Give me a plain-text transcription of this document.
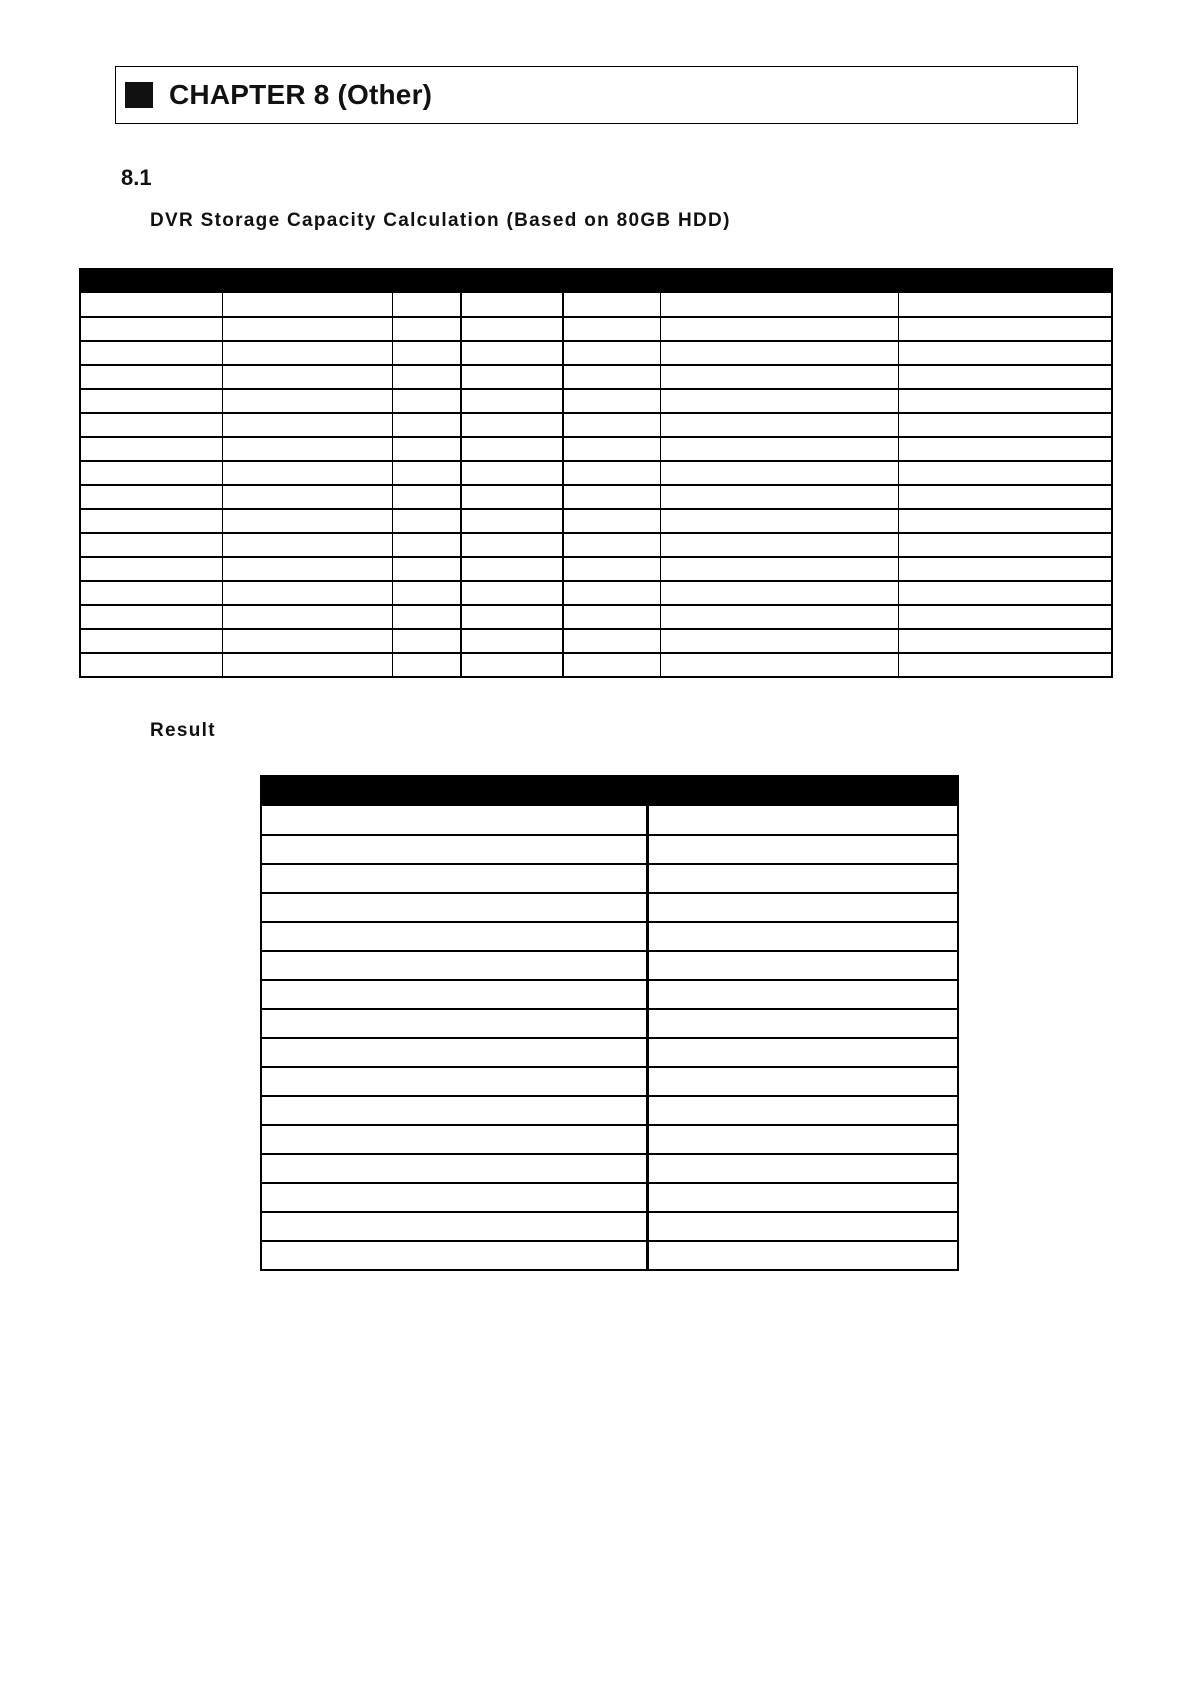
CHAPTER 8 (Other)
8.1
DVR Storage Capacity Calculation (Based on 80GB HDD)

Result
